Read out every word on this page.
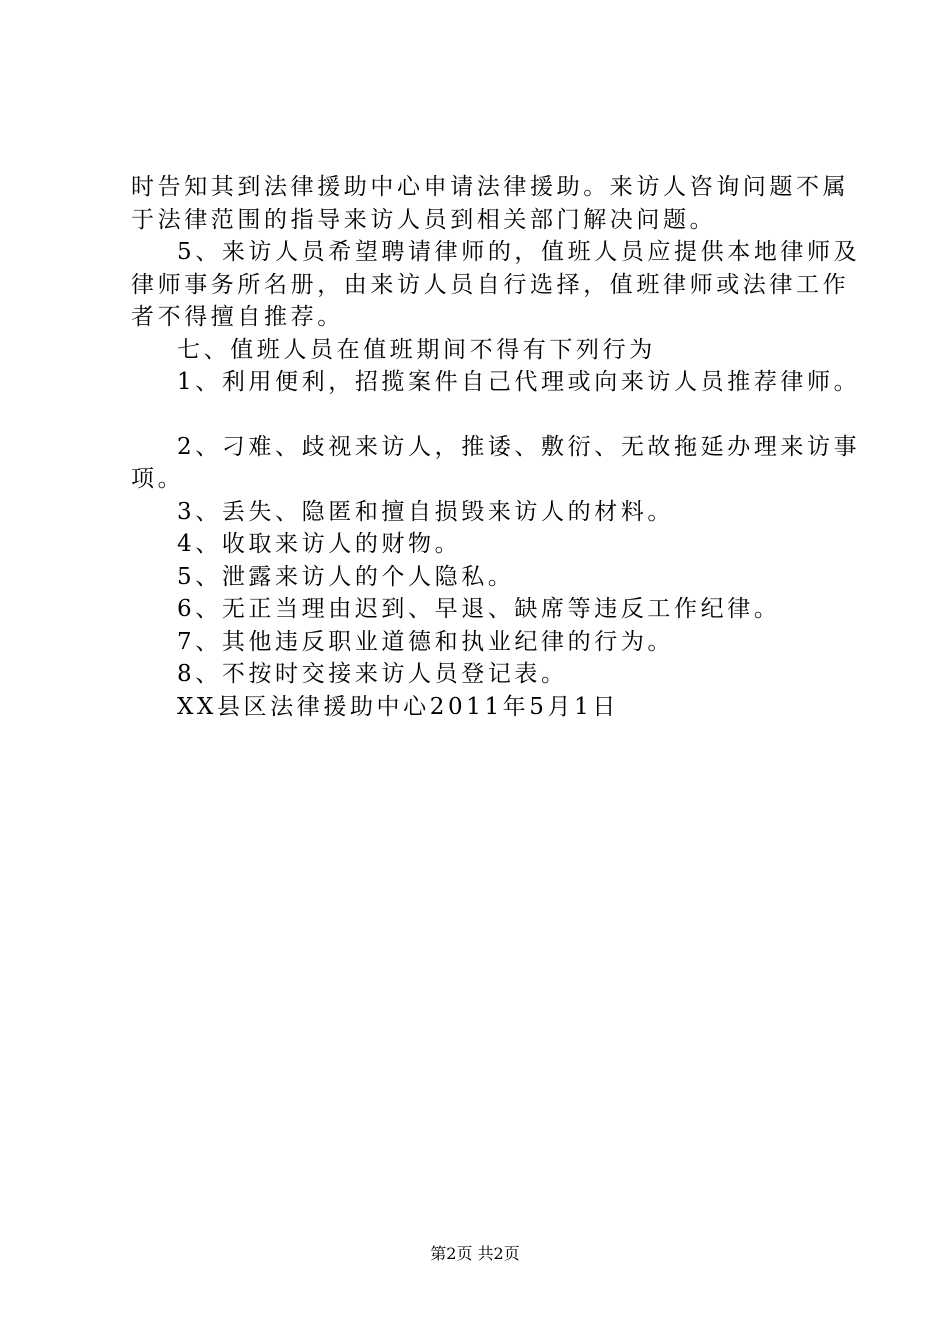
时告知其到法律援助中心申请法律援助。来访人咨询问题不属
于法律范围的指导来访人员到相关部门解决问题。
5、来访人员希望聘请律师的，值班人员应提供本地律师及
律师事务所名册，由来访人员自行选择，值班律师或法律工作
者不得擅自推荐。
七、值班人员在值班期间不得有下列行为
1、利用便利，招揽案件自己代理或向来访人员推荐律师。
2、刁难、歧视来访人，推诿、敷衍、无故拖延办理来访事
项。
3、丢失、隐匿和擅自损毁来访人的材料。
4、收取来访人的财物。
5、泄露来访人的个人隐私。
6、无正当理由迟到、早退、缺席等违反工作纪律。
7、其他违反职业道德和执业纪律的行为。
8、不按时交接来访人员登记表。
XX县区法律援助中心2011年5月1日
第2页 共2页
